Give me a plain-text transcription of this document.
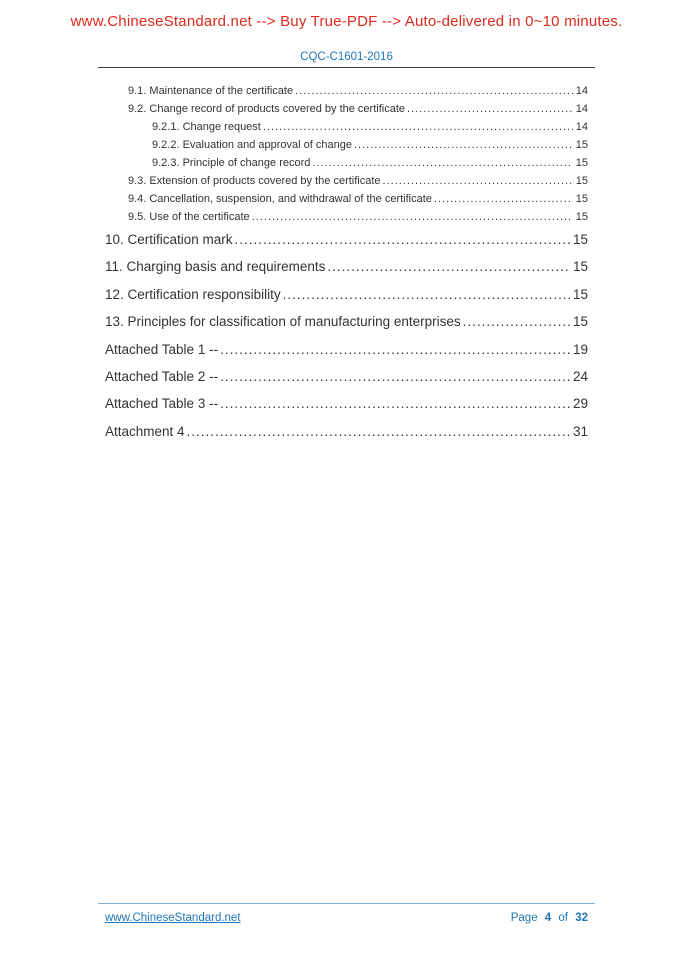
www.ChineseStandard.net --> Buy True-PDF --> Auto-delivered in 0~10 minutes.
CQC-C1601-2016
9.1. Maintenance of the certificate .....	14
9.2. Change record of products covered by the certificate .....	14
9.2.1. Change request .....	14
9.2.2. Evaluation and approval of change .....	15
9.2.3. Principle of change record .....	15
9.3. Extension of products covered by the certificate .....	15
9.4. Cancellation, suspension, and withdrawal of the certificate .....	15
9.5. Use of the certificate .....	15
10. Certification mark .....	15
11. Charging basis and requirements .....	15
12. Certification responsibility .....	15
13. Principles for classification of manufacturing enterprises .....	15
Attached Table 1 -- .....	19
Attached Table 2 -- .....	24
Attached Table 3 -- .....	29
Attachment 4 .....	31
www.ChineseStandard.net	Page 4 of 32
